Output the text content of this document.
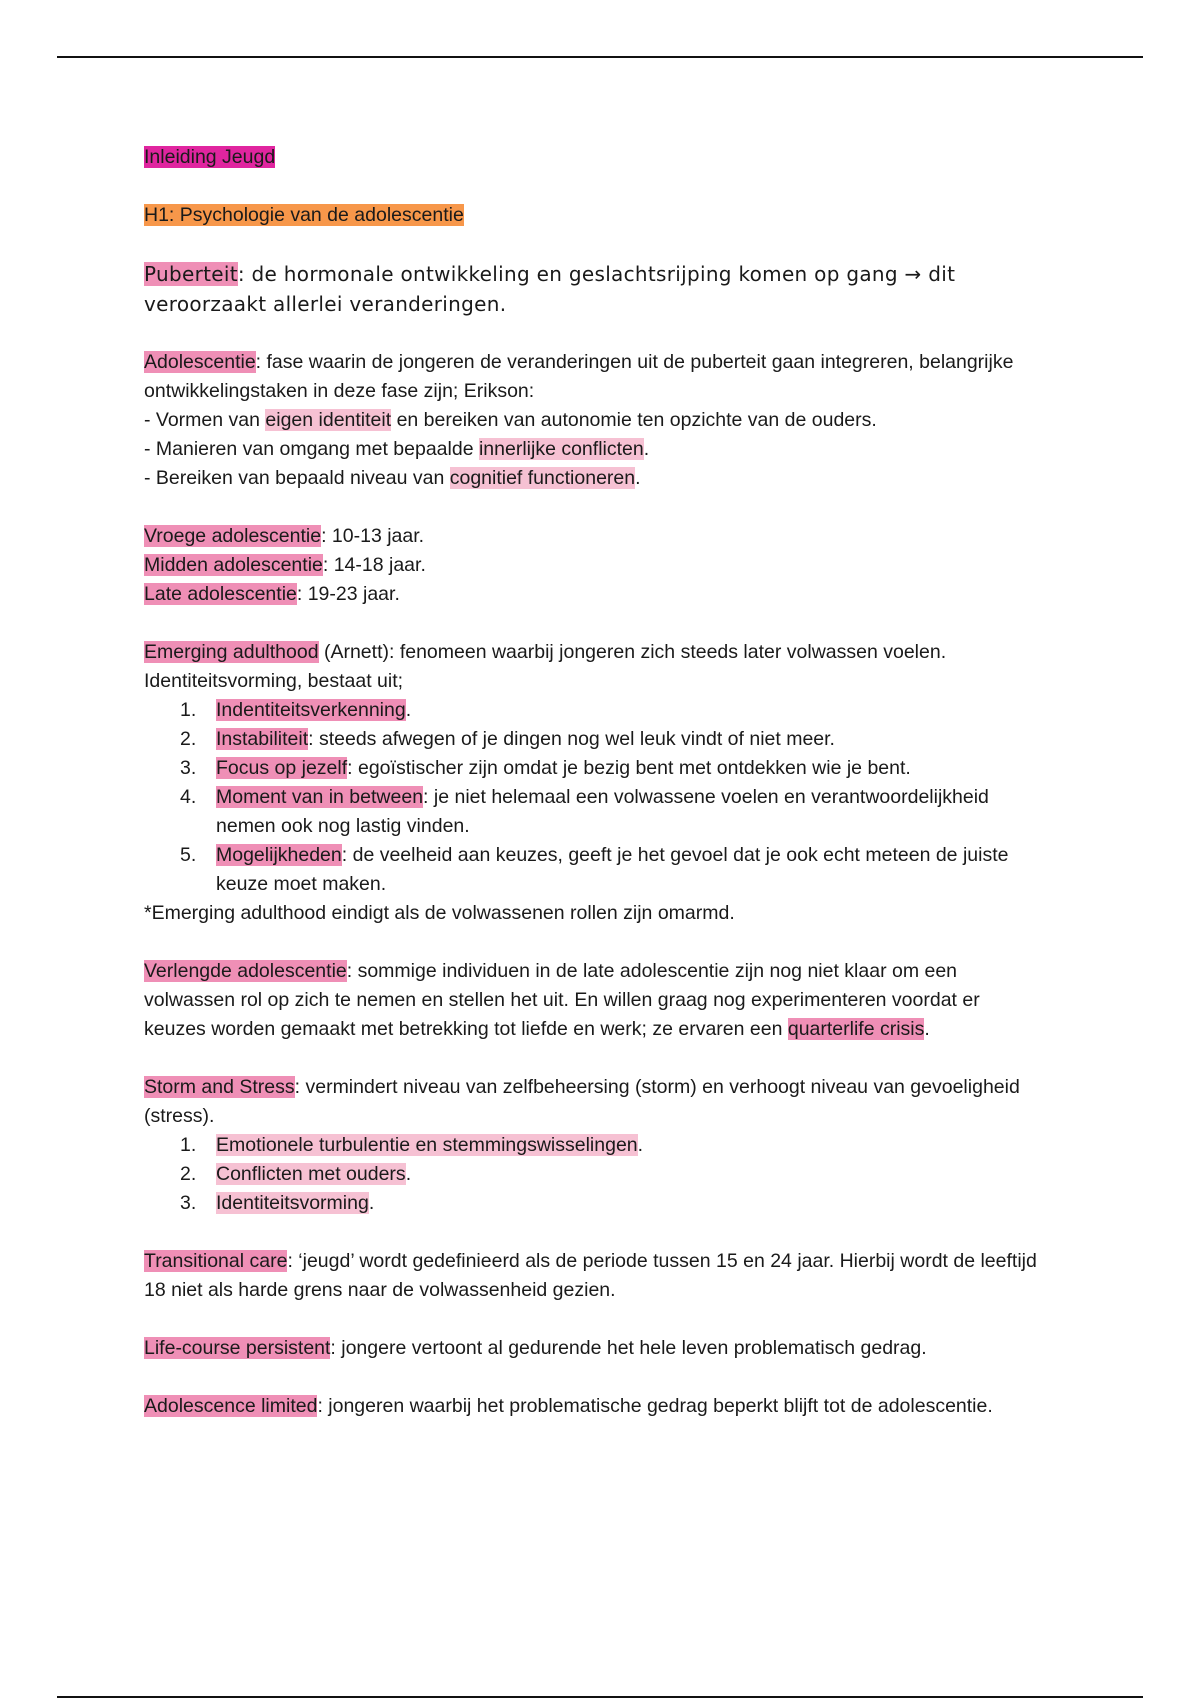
Inleiding Jeugd

H1: Psychologie van de adolescentie

Puberteit: de hormonale ontwikkeling en geslachtsrijping komen op gang → dit veroorzaakt allerlei veranderingen.

Adolescentie: fase waarin de jongeren de veranderingen uit de puberteit gaan integreren, belangrijke ontwikkelingstaken in deze fase zijn; Erikson:

- Vormen van eigen identiteit en bereiken van autonomie ten opzichte van de ouders.

- Manieren van omgang met bepaalde innerlijke conflicten.

- Bereiken van bepaald niveau van cognitief functioneren.

Vroege adolescentie: 10-13 jaar.

Midden adolescentie: 14-18 jaar.

Late adolescentie: 19-23 jaar.

Emerging adulthood (Arnett): fenomeen waarbij jongeren zich steeds later volwassen voelen. Identiteitsvorming, bestaat uit;

1. Indentiteitsverkenning.
2. Instabiliteit: steeds afwegen of je dingen nog wel leuk vindt of niet meer.
3. Focus op jezelf: egoïstischer zijn omdat je bezig bent met ontdekken wie je bent.
4. Moment van in between: je niet helemaal een volwassene voelen en verantwoordelijkheid nemen ook nog lastig vinden.
5. Mogelijkheden: de veelheid aan keuzes, geeft je het gevoel dat je ook echt meteen de juiste keuze moet maken.

*Emerging adulthood eindigt als de volwassenen rollen zijn omarmd.

Verlengde adolescentie: sommige individuen in de late adolescentie zijn nog niet klaar om een volwassen rol op zich te nemen en stellen het uit. En willen graag nog experimenteren voordat er keuzes worden gemaakt met betrekking tot liefde en werk; ze ervaren een quarterlife crisis.

Storm and Stress: vermindert niveau van zelfbeheersing (storm) en verhoogt niveau van gevoeligheid (stress).

1. Emotionele turbulentie en stemmingswisselingen.
2. Conflicten met ouders.
3. Identiteitsvorming.

Transitional care: ‘jeugd’ wordt gedefinieerd als de periode tussen 15 en 24 jaar. Hierbij wordt de leeftijd 18 niet als harde grens naar de volwassenheid gezien.

Life-course persistent: jongere vertoont al gedurende het hele leven problematisch gedrag.

Adolescence limited: jongeren waarbij het problematische gedrag beperkt blijft tot de adolescentie.
